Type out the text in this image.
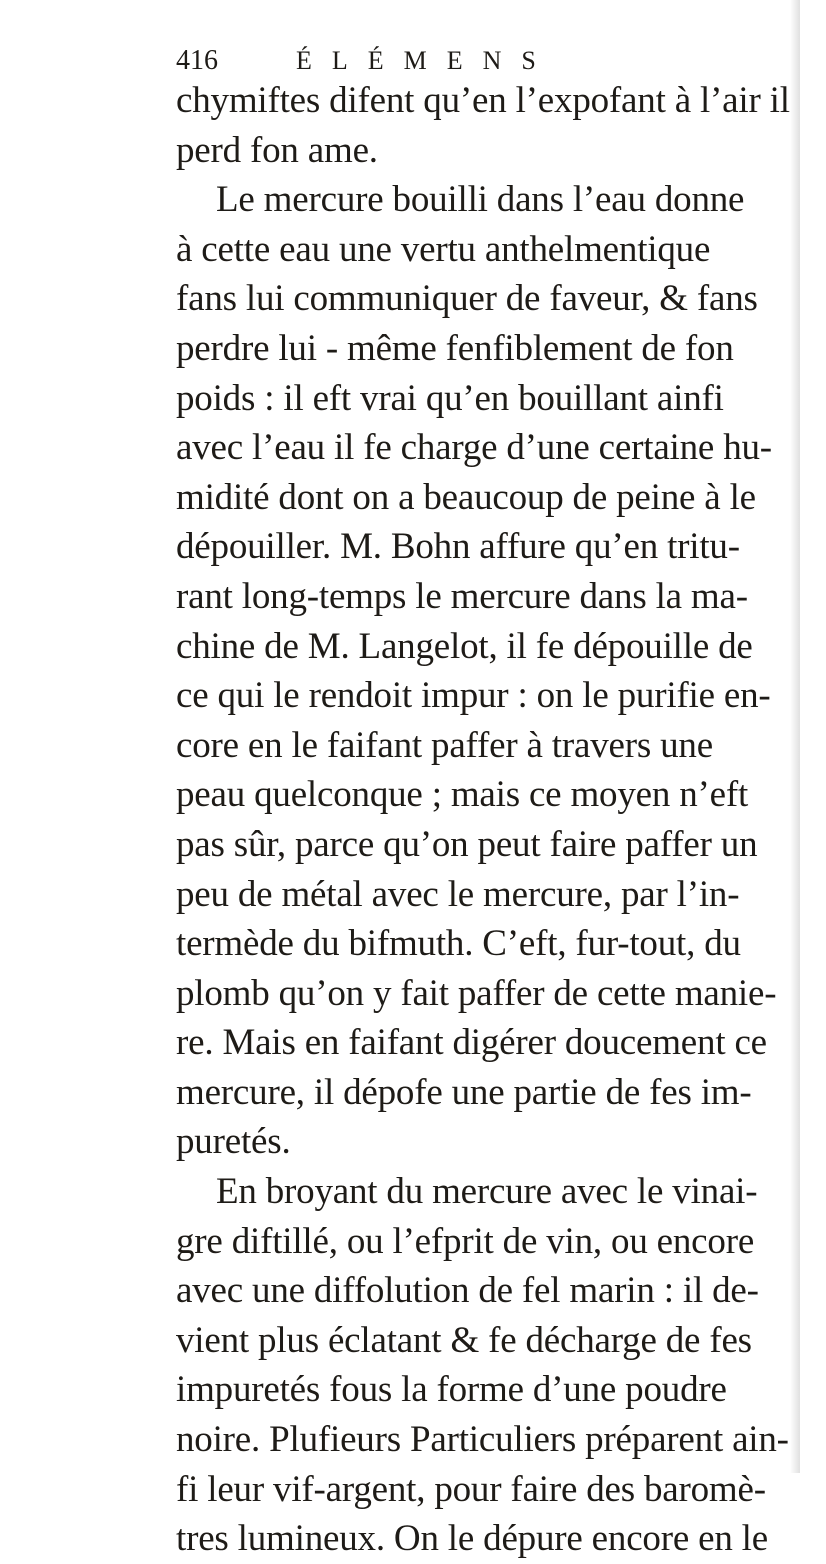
416	ÉLÉMENS
chymiftes difent qu’en l’expofant à l’air il
perd fon ame.
Le mercure bouilli dans l’eau donne
à cette eau une vertu anthelmentique
fans lui communiquer de faveur, & fans
perdre lui - même fenfiblement de fon
poids : il eft vrai qu’en bouillant ainfi
avec l’eau il fe charge d’une certaine hu-
midité dont on a beaucoup de peine à le
dépouiller. M. Bohn affure qu’en tritu-
rant long-temps le mercure dans la ma-
chine de M. Langelot, il fe dépouille de
ce qui le rendoit impur : on le purifie en-
core en le faifant paffer à travers une
peau quelconque ; mais ce moyen n’eft
pas sûr, parce qu’on peut faire paffer un
peu de métal avec le mercure, par l’in-
termède du bifmuth. C’eft, fur-tout, du
plomb qu’on y fait paffer de cette manie-
re. Mais en faifant digérer doucement ce
mercure, il dépofe une partie de fes im-
puretés.
En broyant du mercure avec le vinai-
gre diftillé, ou l’efprit de vin, ou encore
avec une diffolution de fel marin : il de-
vient plus éclatant & fe décharge de fes
impuretés fous la forme d’une poudre
noire. Plufieurs Particuliers préparent ain-
fi leur vif-argent, pour faire des baromè-
tres lumineux. On le dépure encore en le
